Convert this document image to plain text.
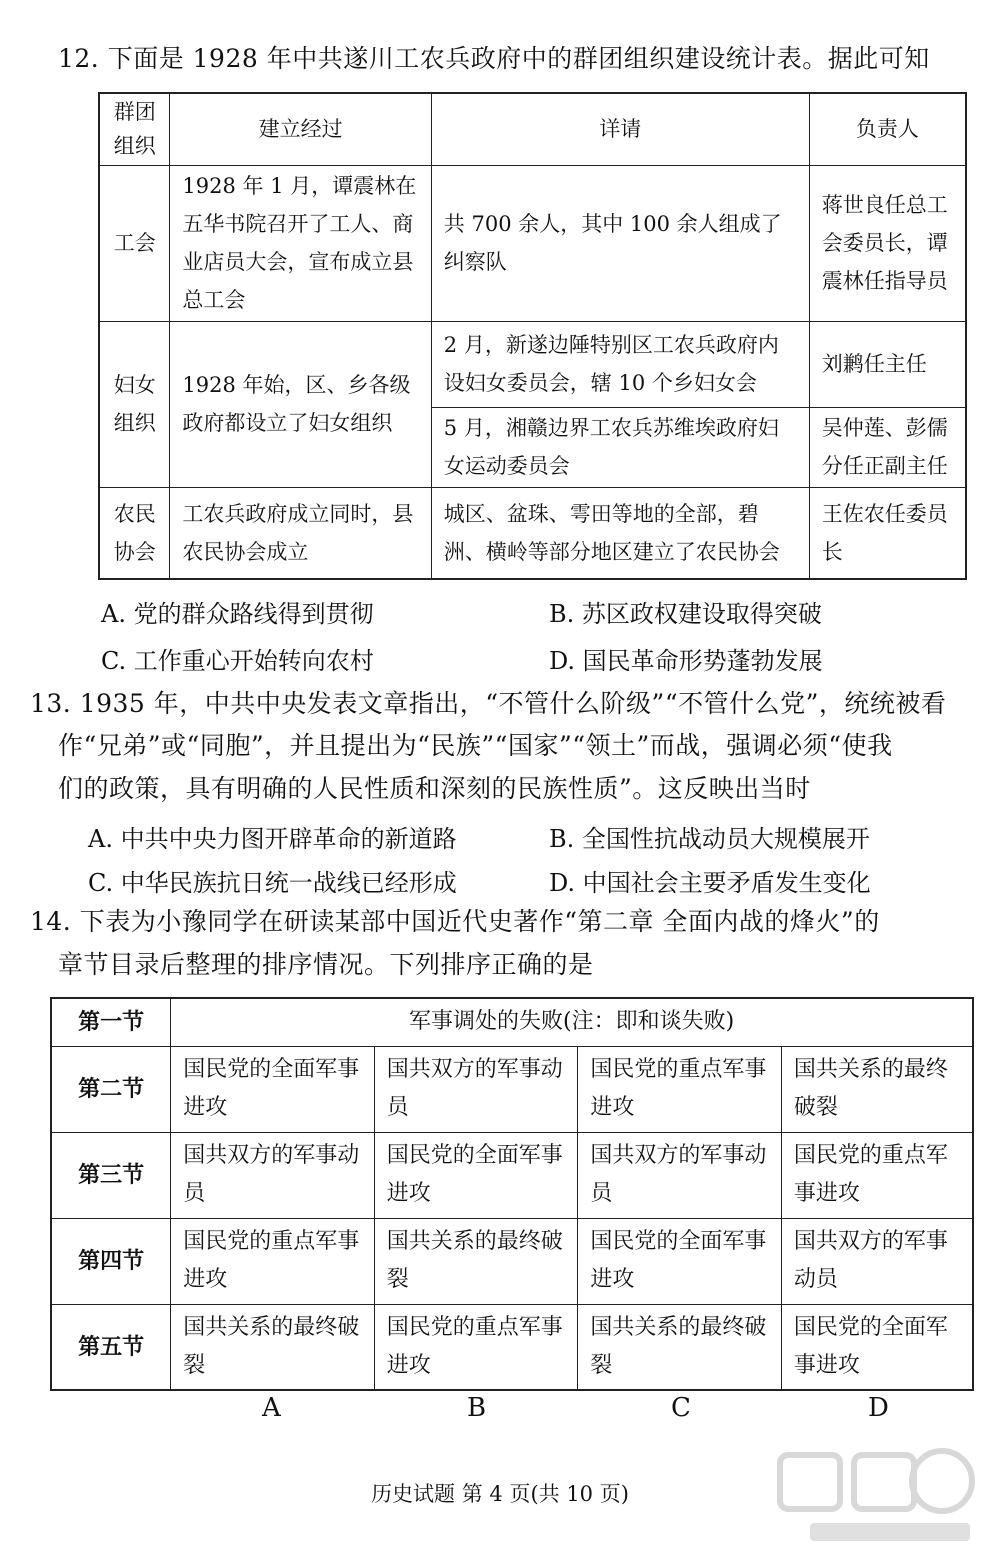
12. 下面是 1928 年中共遂川工农兵政府中的群团组织建设统计表。据此可知
群团组织	建立经过	详请	负责人
工会	1928 年 1 月，谭震林在五华书院召开了工人、商业店员大会，宣布成立县总工会	共 700 余人，其中 100 余人组成了纠察队	蒋世良任总工会委员长，谭震林任指导员
妇女组织	1928 年始，区、乡各级政府都设立了妇女组织	2 月，新遂边陲特别区工农兵政府内设妇女委员会，辖 10 个乡妇女会	刘鹣任主任
		5 月，湘赣边界工农兵苏维埃政府妇女运动委员会	吴仲莲、彭儒分任正副主任
农民协会	工农兵政府成立同时，县农民协会成立	城区、盆珠、雩田等地的全部，碧洲、横岭等部分地区建立了农民协会	王佐农任委员长
A. 党的群众路线得到贯彻	B. 苏区政权建设取得突破
C. 工作重心开始转向农村	D. 国民革命形势蓬勃发展
13. 1935 年，中共中央发表文章指出，“不管什么阶级”“不管什么党”，统统被看
作“兄弟”或“同胞”，并且提出为“民族”“国家”“领土”而战，强调必须“使我
们的政策，具有明确的人民性质和深刻的民族性质”。这反映出当时
A. 中共中央力图开辟革命的新道路	B. 全国性抗战动员大规模展开
C. 中华民族抗日统一战线已经形成	D. 中国社会主要矛盾发生变化
14. 下表为小豫同学在研读某部中国近代史著作“第二章 全面内战的烽火”的
章节目录后整理的排序情况。下列排序正确的是
第一节	军事调处的失败(注：即和谈失败)			
第二节	国民党的全面军事进攻	国共双方的军事动员	国民党的重点军事进攻	国共关系的最终破裂
第三节	国共双方的军事动员	国民党的全面军事进攻	国共双方的军事动员	国民党的重点军事进攻
第四节	国民党的重点军事进攻	国共关系的最终破裂	国民党的全面军事进攻	国共双方的军事动员
第五节	国共关系的最终破裂	国民党的重点军事进攻	国共关系的最终破裂	国民党的全面军事进攻
A	B	C	D
历史试题 第 4 页(共 10 页)
